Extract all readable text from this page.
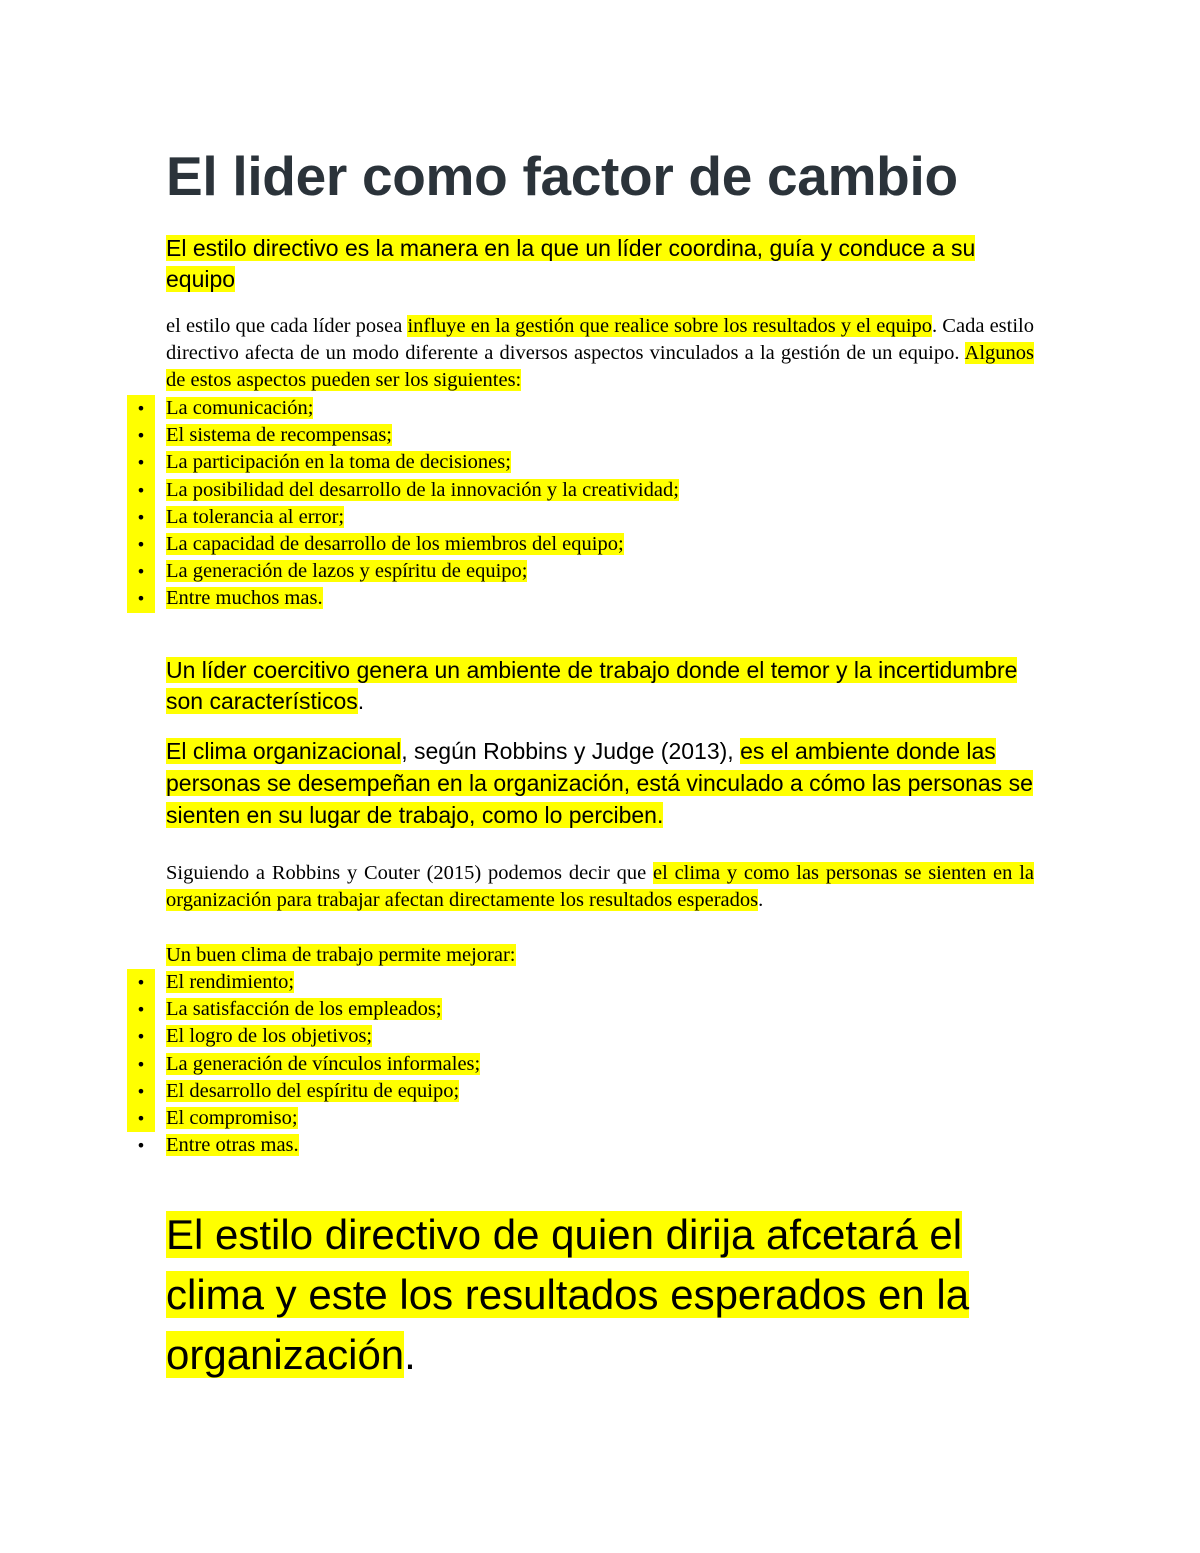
El lider como factor de cambio

El estilo directivo es la manera en la que un líder coordina, guía y conduce a su equipo

el estilo que cada líder posea influye en la gestión que realice sobre los resultados y el equipo. Cada estilo directivo afecta de un modo diferente a diversos aspectos vinculados a la gestión de un equipo. Algunos de estos aspectos pueden ser los siguientes:

• La comunicación;
• El sistema de recompensas;
• La participación en la toma de decisiones;
• La posibilidad del desarrollo de la innovación y la creatividad;
• La tolerancia al error;
• La capacidad de desarrollo de los miembros del equipo;
• La generación de lazos y espíritu de equipo;
• Entre muchos mas.

Un líder coercitivo genera un ambiente de trabajo donde el temor y la incertidumbre son característicos.

El clima organizacional, según Robbins y Judge (2013), es el ambiente donde las personas se desempeñan en la organización, está vinculado a cómo las personas se sienten en su lugar de trabajo, como lo perciben.

Siguiendo a Robbins y Couter (2015) podemos decir que el clima y como las personas se sienten en la organización para trabajar afectan directamente los resultados esperados.

Un buen clima de trabajo permite mejorar:

• El rendimiento;
• La satisfacción de los empleados;
• El logro de los objetivos;
• La generación de vínculos informales;
• El desarrollo del espíritu de equipo;
• El compromiso;
• Entre otras mas.

El estilo directivo de quien dirija afcetará el clima y este los resultados esperados en la organización.
